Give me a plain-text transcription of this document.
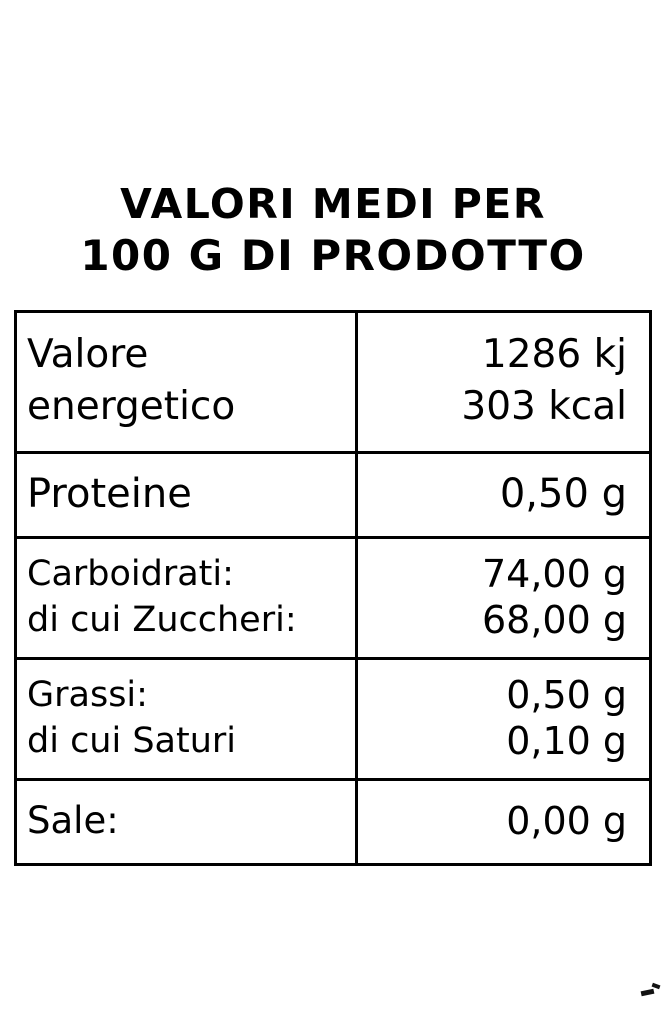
VALORI MEDI PER
100 G DI PRODOTTO
Valore
energetico	1286 kj
303 kcal

Proteine	0,50 g

Carboidrati:
di cui Zuccheri:	74,00 g
68,00 g

Grassi:
di cui Saturi	0,50 g
0,10 g

Sale:	0,00 g
